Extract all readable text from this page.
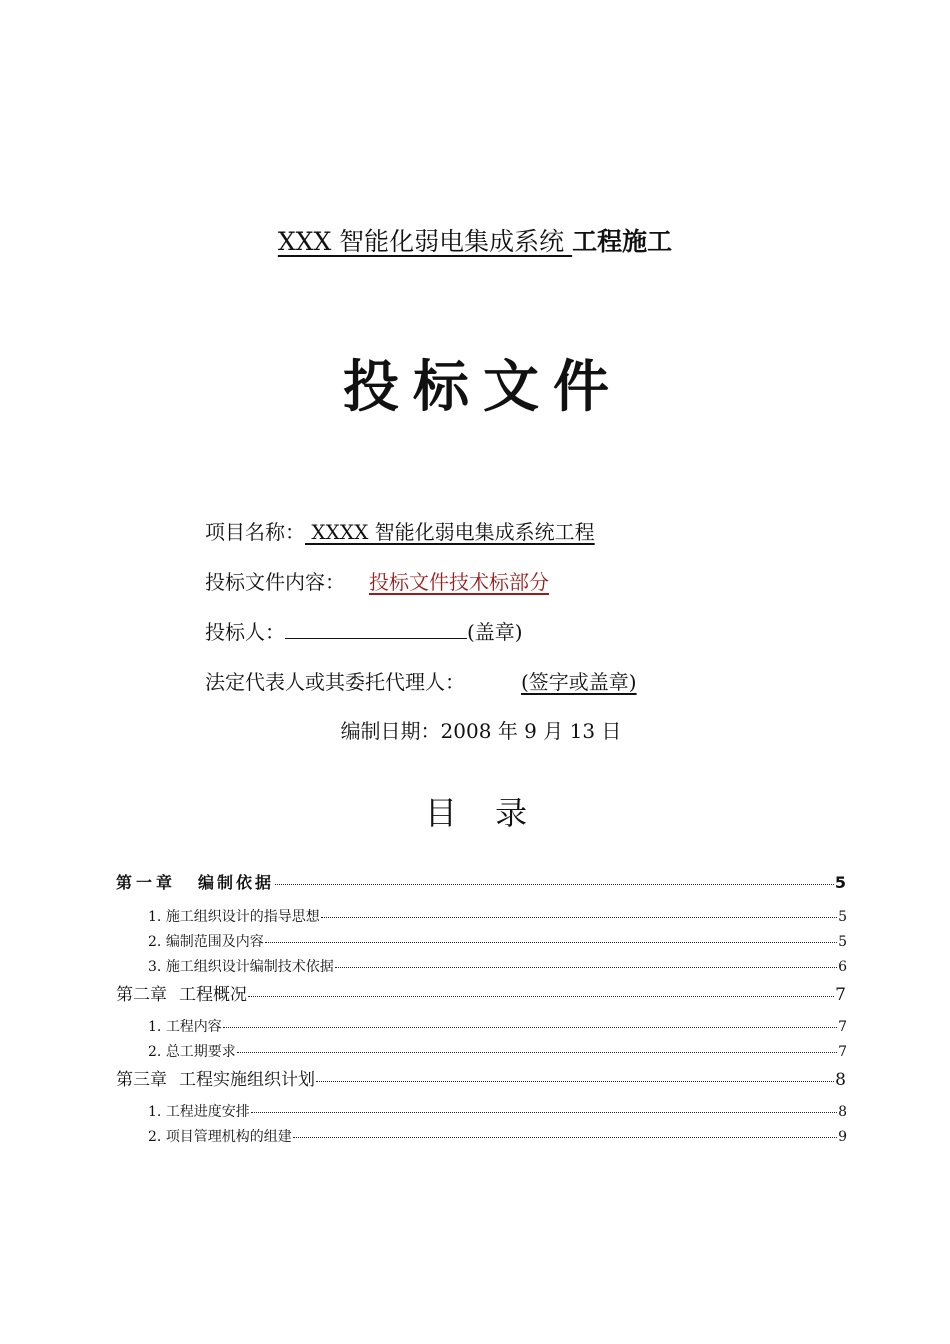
XXX 智能化弱电集成系统 工程施工
投标文件
项目名称： XXXX 智能化弱电集成系统工程
投标文件内容： 投标文件技术标部分
投标人：	(盖章)
法定代表人或其委托代理人：	(签字或盖章)
编制日期：2008 年 9 月 13 日
目 录
第一章 编制依据	5
1.
施工组织设计的指导思想	5
2.
编制范围及内容	5
3.
施工组织设计编制技术依据	6
第二章 工程概况	7
1.
工程内容	7
2.
总工期要求	7
第三章 工程实施组织计划	8
1.
工程进度安排	8
2.
项目管理机构的组建	9
